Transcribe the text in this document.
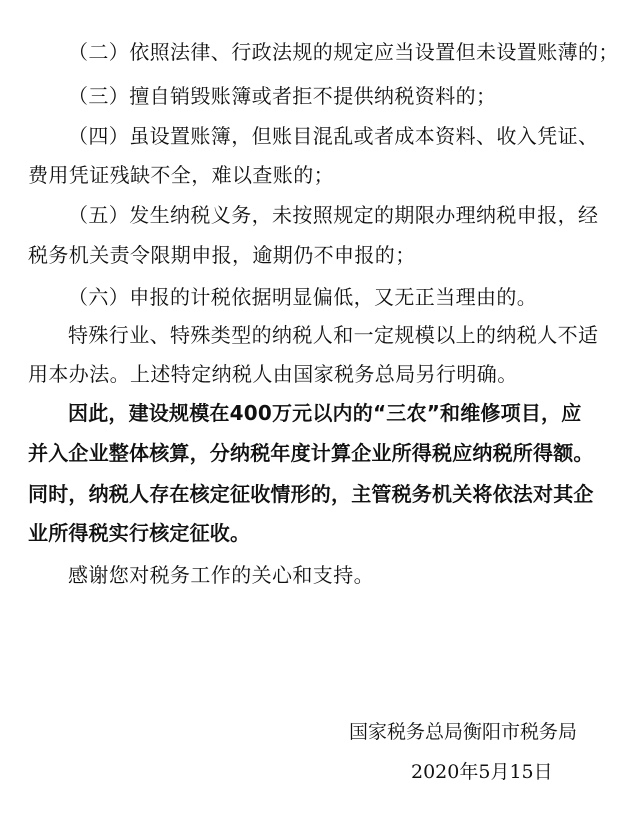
（二）依照法律、行政法规的规定应当设置但未设置账薄的；
（三）擅自销毁账簿或者拒不提供纳税资料的；
（四）虽设置账簿，但账目混乱或者成本资料、收入凭证、
费用凭证残缺不全，难以查账的；
（五）发生纳税义务，未按照规定的期限办理纳税申报，经
税务机关责令限期申报，逾期仍不申报的；
（六）申报的计税依据明显偏低，又无正当理由的。
特殊行业、特殊类型的纳税人和一定规模以上的纳税人不适
用本办法。上述特定纳税人由国家税务总局另行明确。
因此，建设规模在400万元以内的“三农”和维修项目，应
并入企业整体核算，分纳税年度计算企业所得税应纳税所得额。
同时，纳税人存在核定征收情形的，主管税务机关将依法对其企
业所得税实行核定征收。
感谢您对税务工作的关心和支持。
国家税务总局衡阳市税务局
2020年5月15日
